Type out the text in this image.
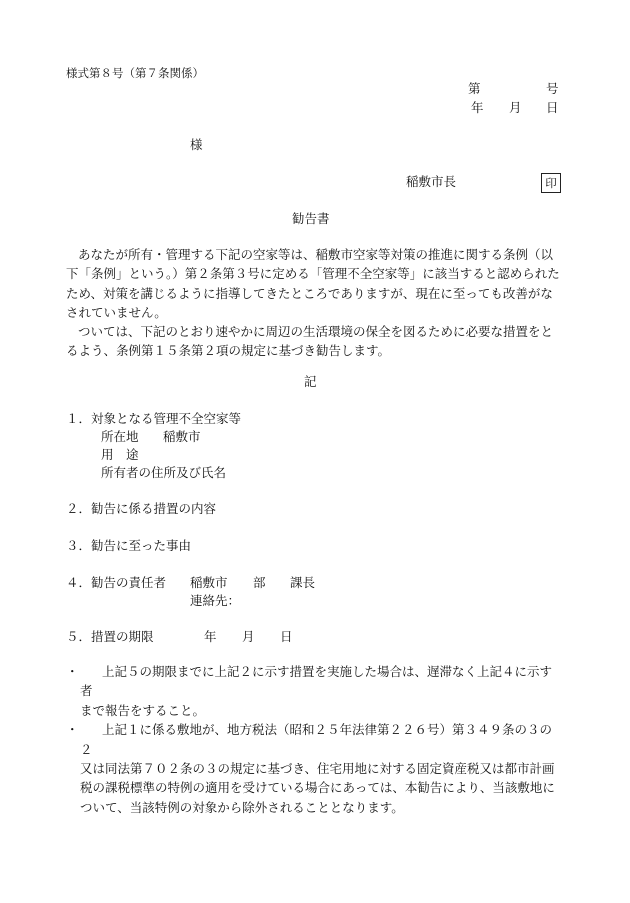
様式第８号（第７条関係）
第	号
年 月 日
様
稲敷市長	印
勧告書
あなたが所有・管理する下記の空家等は、稲敷市空家等対策の推進に関する条例（以
下「条例」という。）第２条第３号に定める「管理不全空家等」に該当すると認められた
ため、対策を講じるように指導してきたところでありますが、現在に至っても改善がな
されていません。
ついては、下記のとおり速やかに周辺の生活環境の保全を図るために必要な措置をと
るよう、条例第１５条第２項の規定に基づき勧告します。
記
１．対象となる管理不全空家等
所在地 稲敷市
用　途
所有者の住所及び氏名
２．勧告に係る措置の内容
３．勧告に至った事由
４．勧告の責任者 稲敷市 部 課長
連絡先：
５．措置の期限	年 月 日
・	上記５の期限までに上記２に示す措置を実施した場合は、遅滞なく上記４に示す者
まで報告をすること。
・	上記１に係る敷地が、地方税法（昭和２５年法律第２２６号）第３４９条の３の２
又は同法第７０２条の３の規定に基づき、住宅用地に対する固定資産税又は都市計画
税の課税標準の特例の適用を受けている場合にあっては、本勧告により、当該敷地に
ついて、当該特例の対象から除外されることとなります。
